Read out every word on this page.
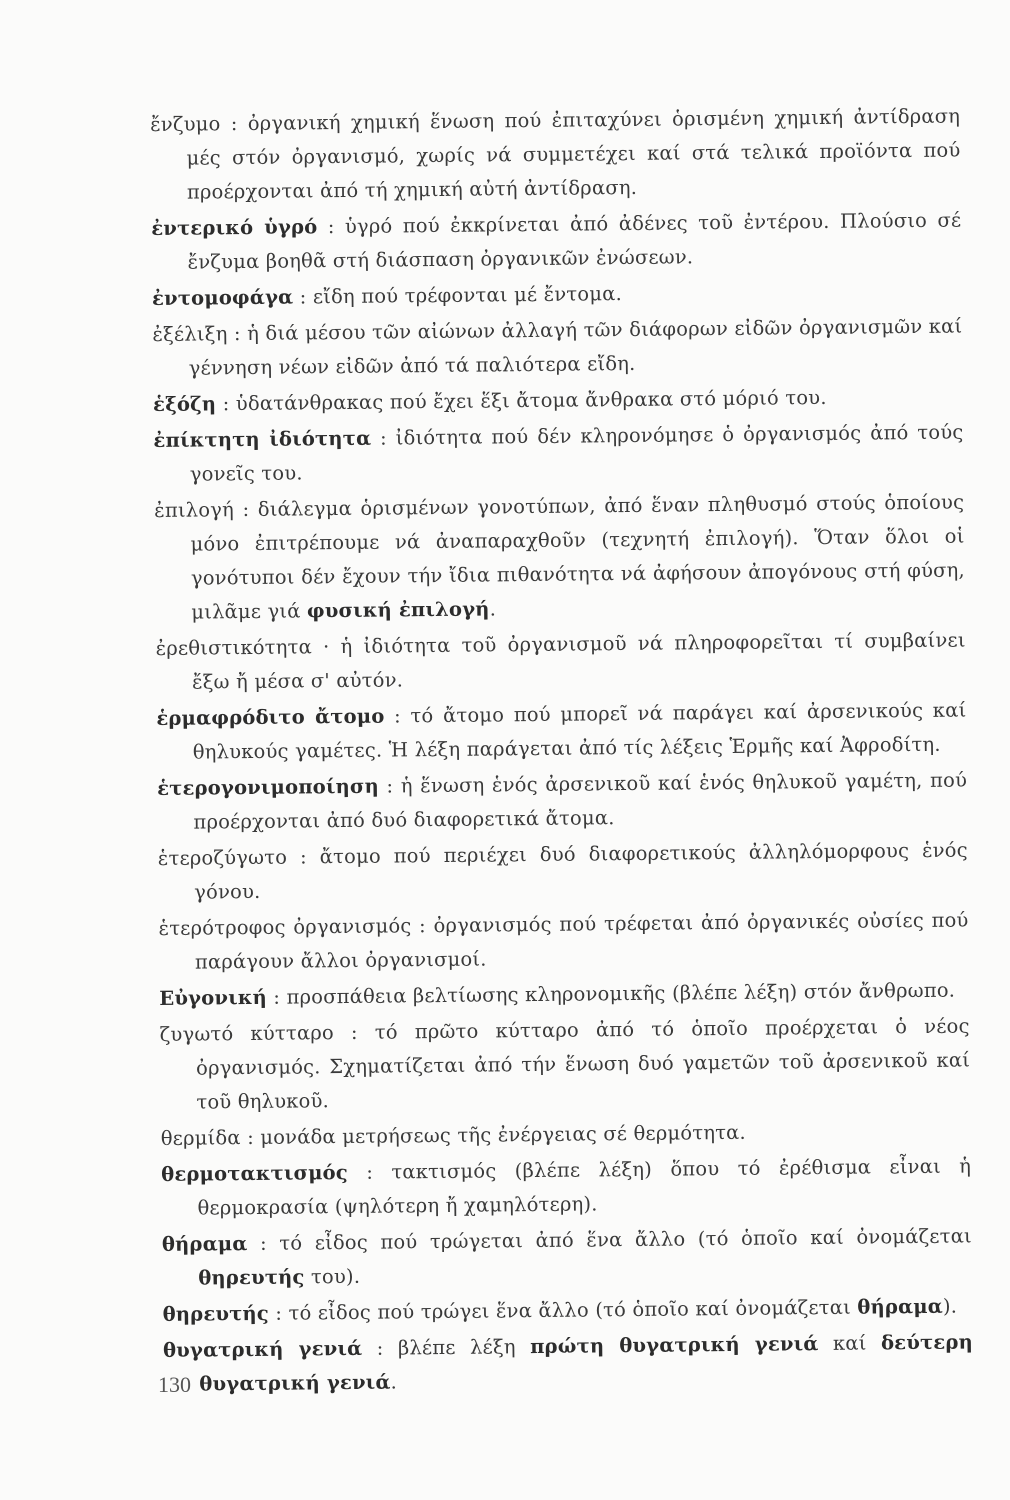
ἔνζυμο : ὀργανική χημική ἕνωση πού ἐπιταχύνει ὁρισμένη χημική ἀντίδραση μές στόν ὀργανισμό, χωρίς νά συμμετέχει καί στά τελικά προϊόντα πού προέρχονται ἀπό τή χημική αὐτή ἀντίδραση.

ἐντερικό ὑγρό : ὑγρό πού ἐκκρίνεται ἀπό ἀδένες τοῦ ἐντέρου. Πλούσιο σέ ἔνζυμα βοηθᾶ στή διάσπαση ὀργανικῶν ἐνώσεων.

ἐντομοφάγα : εἴδη πού τρέφονται μέ ἔντομα.

ἐξέλιξη : ἡ διά μέσου τῶν αἰώνων ἀλλαγή τῶν διάφορων εἰδῶν ὀργανισμῶν καί γέννηση νέων εἰδῶν ἀπό τά παλιότερα εἴδη.

ἑξόζη : ὑδατάνθρακας πού ἔχει ἕξι ἄτομα ἄνθρακα στό μόριό του.

ἐπίκτητη ἰδιότητα : ἰδιότητα πού δέν κληρονόμησε ὁ ὀργανισμός ἀπό τούς γονεῖς του.

ἐπιλογή : διάλεγμα ὁρισμένων γονοτύπων, ἀπό ἕναν πληθυσμό στούς ὁποίους μόνο ἐπιτρέπουμε νά ἀναπαραχθοῦν (τεχνητή ἐπιλογή). Ὅταν ὅλοι οἱ γονότυποι δέν ἔχουν τήν ἴδια πιθανότητα νά ἀφήσουν ἀπογόνους στή φύση, μιλᾶμε γιά φυσική ἐπιλογή.

ἐρεθιστικότητα · ἡ ἰδιότητα τοῦ ὀργανισμοῦ νά πληροφορεῖται τί συμβαίνει ἔξω ἤ μέσα σ' αὐτόν.

ἑρμαφρόδιτο ἄτομο : τό ἄτομο πού μπορεῖ νά παράγει καί ἀρσενικούς καί θηλυκούς γαμέτες. Ἡ λέξη παράγεται ἀπό τίς λέξεις Ἑρμῆς καί Ἀφροδίτη.

ἑτερογονιμοποίηση : ἡ ἕνωση ἑνός ἀρσενικοῦ καί ἑνός θηλυκοῦ γαμέτη, πού προέρχονται ἀπό δυό διαφορετικά ἄτομα.

ἑτεροζύγωτο : ἄτομο πού περιέχει δυό διαφορετικούς ἀλληλόμορφους ἑνός γόνου.

ἑτερότροφος ὀργανισμός : ὀργανισμός πού τρέφεται ἀπό ὀργανικές οὐσίες πού παράγουν ἄλλοι ὀργανισμοί.

Εὐγονική : προσπάθεια βελτίωσης κληρονομικῆς (βλέπε λέξη) στόν ἄνθρωπο.

ζυγωτό κύτταρο : τό πρῶτο κύτταρο ἀπό τό ὁποῖο προέρχεται ὁ νέος ὀργανισμός. Σχηματίζεται ἀπό τήν ἕνωση δυό γαμετῶν τοῦ ἀρσενικοῦ καί τοῦ θηλυκοῦ.

θερμίδα : μονάδα μετρήσεως τῆς ἐνέργειας σέ θερμότητα.

θερμοτακτισμός : τακτισμός (βλέπε λέξη) ὅπου τό ἐρέθισμα εἶναι ἡ θερμοκρασία (ψηλότερη ἤ χαμηλότερη).

θήραμα : τό εἶδος πού τρώγεται ἀπό ἕνα ἄλλο (τό ὁποῖο καί ὀνομάζεται θηρευτής του).

θηρευτής : τό εἶδος πού τρώγει ἕνα ἄλλο (τό ὁποῖο καί ὀνομάζεται θήραμα).

θυγατρική γενιά : βλέπε λέξη πρώτη θυγατρική γενιά καί δεύτερη θυγατρική γενιά.

130
